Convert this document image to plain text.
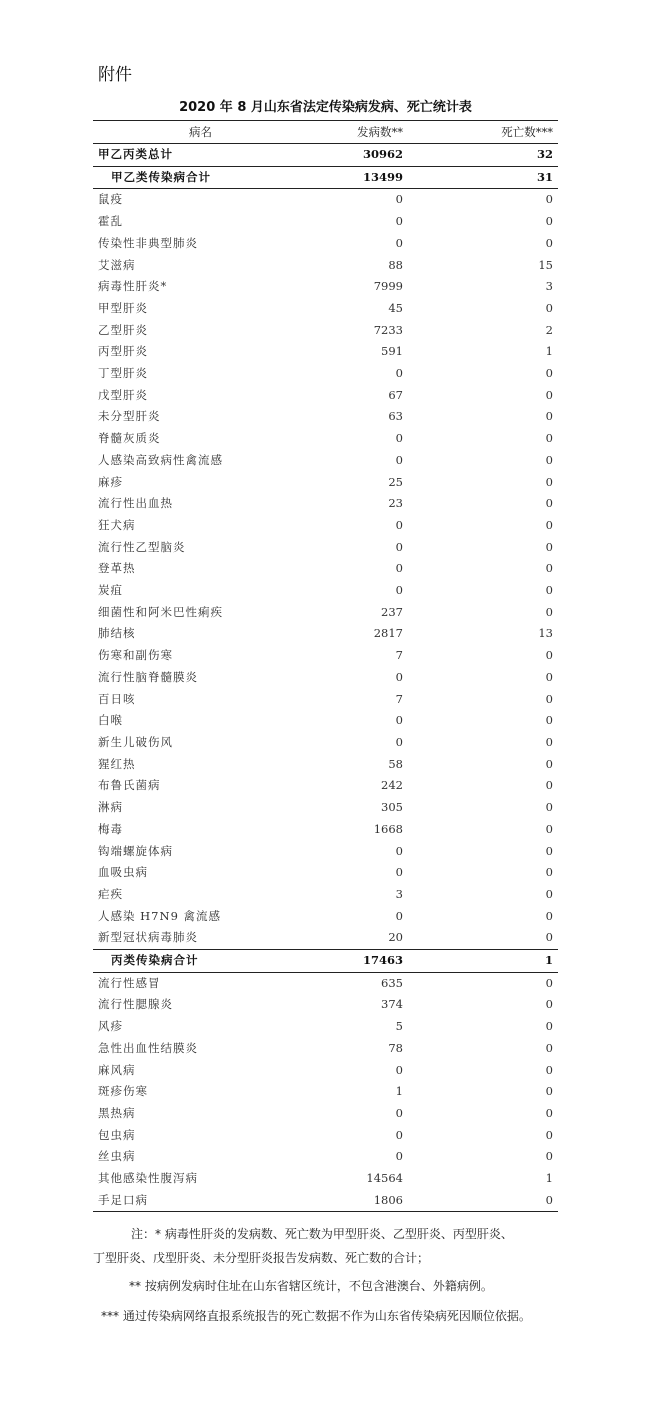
附件
2020 年 8 月山东省法定传染病发病、死亡统计表
病名	发病数**	死亡数***
甲乙丙类总计	30962	32
甲乙类传染病合计	13499	31
鼠疫	0	0
霍乱	0	0
传染性非典型肺炎	0	0
艾滋病	88	15
病毒性肝炎*	7999	3
甲型肝炎	45	0
乙型肝炎	7233	2
丙型肝炎	591	1
丁型肝炎	0	0
戊型肝炎	67	0
未分型肝炎	63	0
脊髓灰质炎	0	0
人感染高致病性禽流感	0	0
麻疹	25	0
流行性出血热	23	0
狂犬病	0	0
流行性乙型脑炎	0	0
登革热	0	0
炭疽	0	0
细菌性和阿米巴性痢疾	237	0
肺结核	2817	13
伤寒和副伤寒	7	0
流行性脑脊髓膜炎	0	0
百日咳	7	0
白喉	0	0
新生儿破伤风	0	0
猩红热	58	0
布鲁氏菌病	242	0
淋病	305	0
梅毒	1668	0
钩端螺旋体病	0	0
血吸虫病	0	0
疟疾	3	0
人感染 H7N9 禽流感	0	0
新型冠状病毒肺炎	20	0
丙类传染病合计	17463	1
流行性感冒	635	0
流行性腮腺炎	374	0
风疹	5	0
急性出血性结膜炎	78	0
麻风病	0	0
斑疹伤寒	1	0
黑热病	0	0
包虫病	0	0
丝虫病	0	0
其他感染性腹泻病	14564	1
手足口病	1806	0
注：* 病毒性肝炎的发病数、死亡数为甲型肝炎、乙型肝炎、丙型肝炎、
丁型肝炎、戊型肝炎、未分型肝炎报告发病数、死亡数的合计；
** 按病例发病时住址在山东省辖区统计，不包含港澳台、外籍病例。
*** 通过传染病网络直报系统报告的死亡数据不作为山东省传染病死因顺位依据。
